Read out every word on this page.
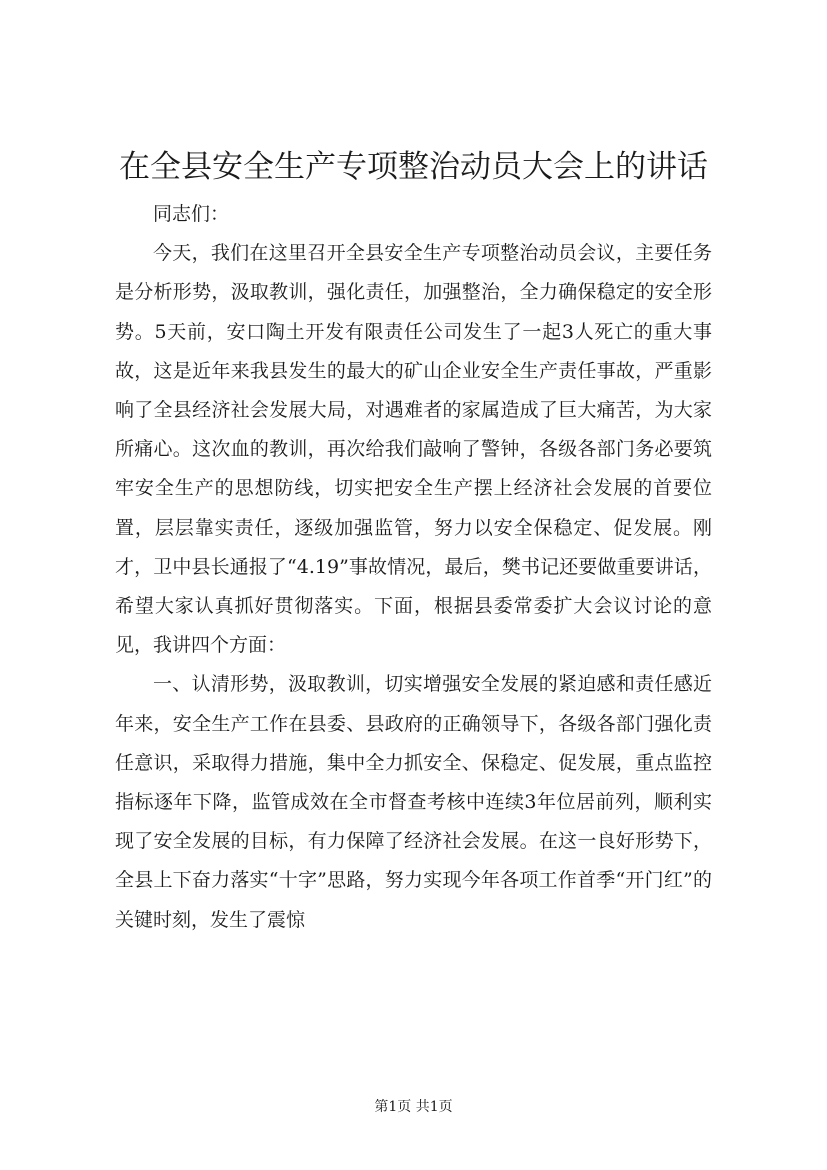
在全县安全生产专项整治动员大会上的讲话

同志们：

今天，我们在这里召开全县安全生产专项整治动员会议，主要任务是分析形势，汲取教训，强化责任，加强整治，全力确保稳定的安全形势。5天前，安口陶土开发有限责任公司发生了一起3人死亡的重大事故，这是近年来我县发生的最大的矿山企业安全生产责任事故，严重影响了全县经济社会发展大局，对遇难者的家属造成了巨大痛苦，为大家所痛心。这次血的教训，再次给我们敲响了警钟，各级各部门务必要筑牢安全生产的思想防线，切实把安全生产摆上经济社会发展的首要位置，层层靠实责任，逐级加强监管，努力以安全保稳定、促发展。刚才，卫中县长通报了“4.19”事故情况，最后，樊书记还要做重要讲话，希望大家认真抓好贯彻落实。下面，根据县委常委扩大会议讨论的意见，我讲四个方面：

一、认清形势，汲取教训，切实增强安全发展的紧迫感和责任感近年来，安全生产工作在县委、县政府的正确领导下，各级各部门强化责任意识，采取得力措施，集中全力抓安全、保稳定、促发展，重点监控指标逐年下降，监管成效在全市督查考核中连续3年位居前列，顺利实现了安全发展的目标，有力保障了经济社会发展。在这一良好形势下，全县上下奋力落实“十字”思路，努力实现今年各项工作首季“开门红”的关键时刻，发生了震惊

第1页 共1页
